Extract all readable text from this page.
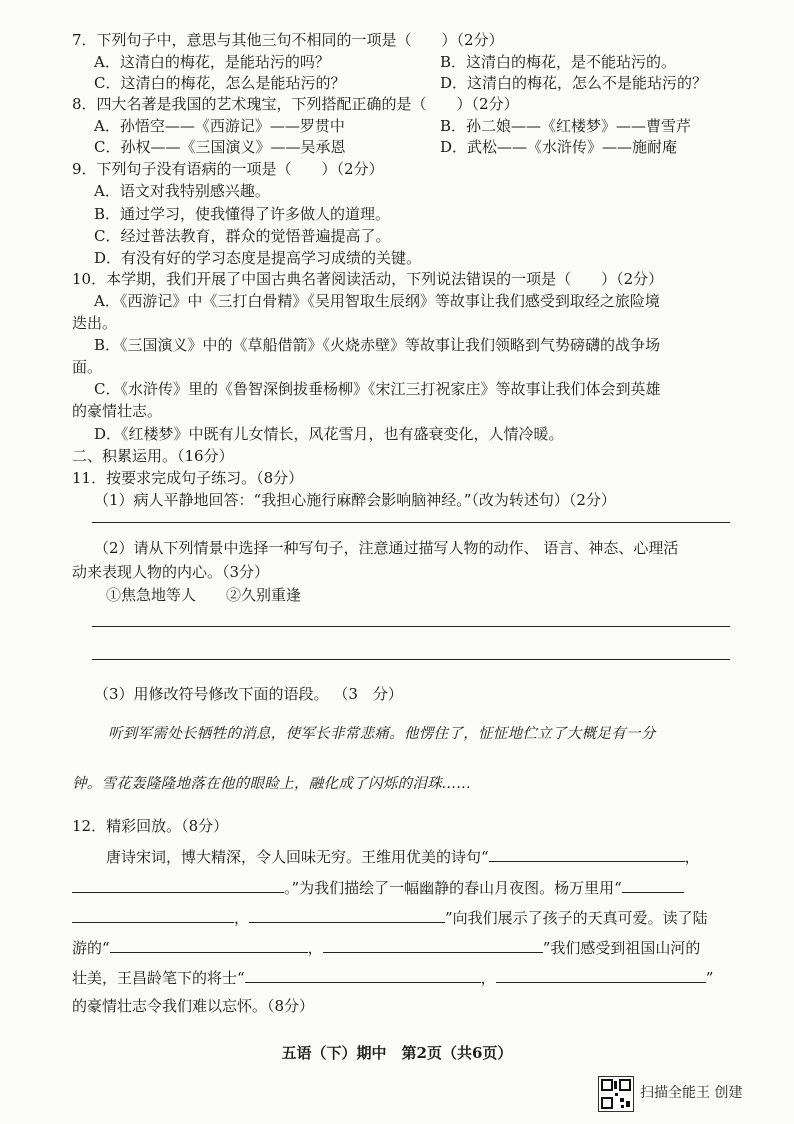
7．下列句子中，意思与其他三句不相同的一项是（　　）（2分）
A．这清白的梅花，是能玷污的吗？	B．这清白的梅花，是不能玷污的。
C．这清白的梅花，怎么是能玷污的？	D．这清白的梅花，怎么不是能玷污的？
8．四大名著是我国的艺术瑰宝，下列搭配正确的是（　　）（2分）
A．孙悟空——《西游记》——罗贯中	B．孙二娘——《红楼梦》——曹雪芹
C．孙权——《三国演义》——吴承恩	D．武松——《水浒传》——施耐庵
9．下列句子没有语病的一项是（　　）（2分）
A．语文对我特别感兴趣。
B．通过学习，使我懂得了许多做人的道理。
C．经过普法教育，群众的觉悟普遍提高了。
D．有没有好的学习态度是提高学习成绩的关键。
10．本学期，我们开展了中国古典名著阅读活动，下列说法错误的一项是（　　）（2分）
A．《西游记》中《三打白骨精》《吴用智取生辰纲》等故事让我们感受到取经之旅险境
迭出。
B．《三国演义》中的《草船借箭》《火烧赤壁》等故事让我们领略到气势磅礴的战争场
面。
C．《水浒传》里的《鲁智深倒拔垂杨柳》《宋江三打祝家庄》等故事让我们体会到英雄
的豪情壮志。
D．《红楼梦》中既有儿女情长，风花雪月，也有盛衰变化，人情冷暖。
二、积累运用。（16分）
11．按要求完成句子练习。（8分）
（1）病人平静地回答：“我担心施行麻醉会影响脑神经。”（改为转述句）（2分）
（2）请从下列情景中选择一种写句子，注意通过描写人物的动作、 语言、神态、心理活
动来表现人物的内心。（3分）
①焦急地等人　　②久别重逢
（3）用修改符号修改下面的语段。 （3　分）
听到军需处长牺牲的消息，使军长非常悲痛。他愣住了，怔怔地伫立了大概足有一分
钟。雪花轰隆隆地落在他的眼睑上，融化成了闪烁的泪珠……
12．精彩回放。（8分）
唐诗宋词，博大精深，令人回味无穷。王维用优美的诗句“	，
。”为我们描绘了一幅幽静的春山月夜图。杨万里用“
，	”向我们展示了孩子的天真可爱。读了陆
游的“	，	”我们感受到祖国山河的
壮美，王昌龄笔下的将士“	，	”
的豪情壮志令我们难以忘怀。（8分）
五语（下）期中　第2页（共6页）
扫描全能王 创建
